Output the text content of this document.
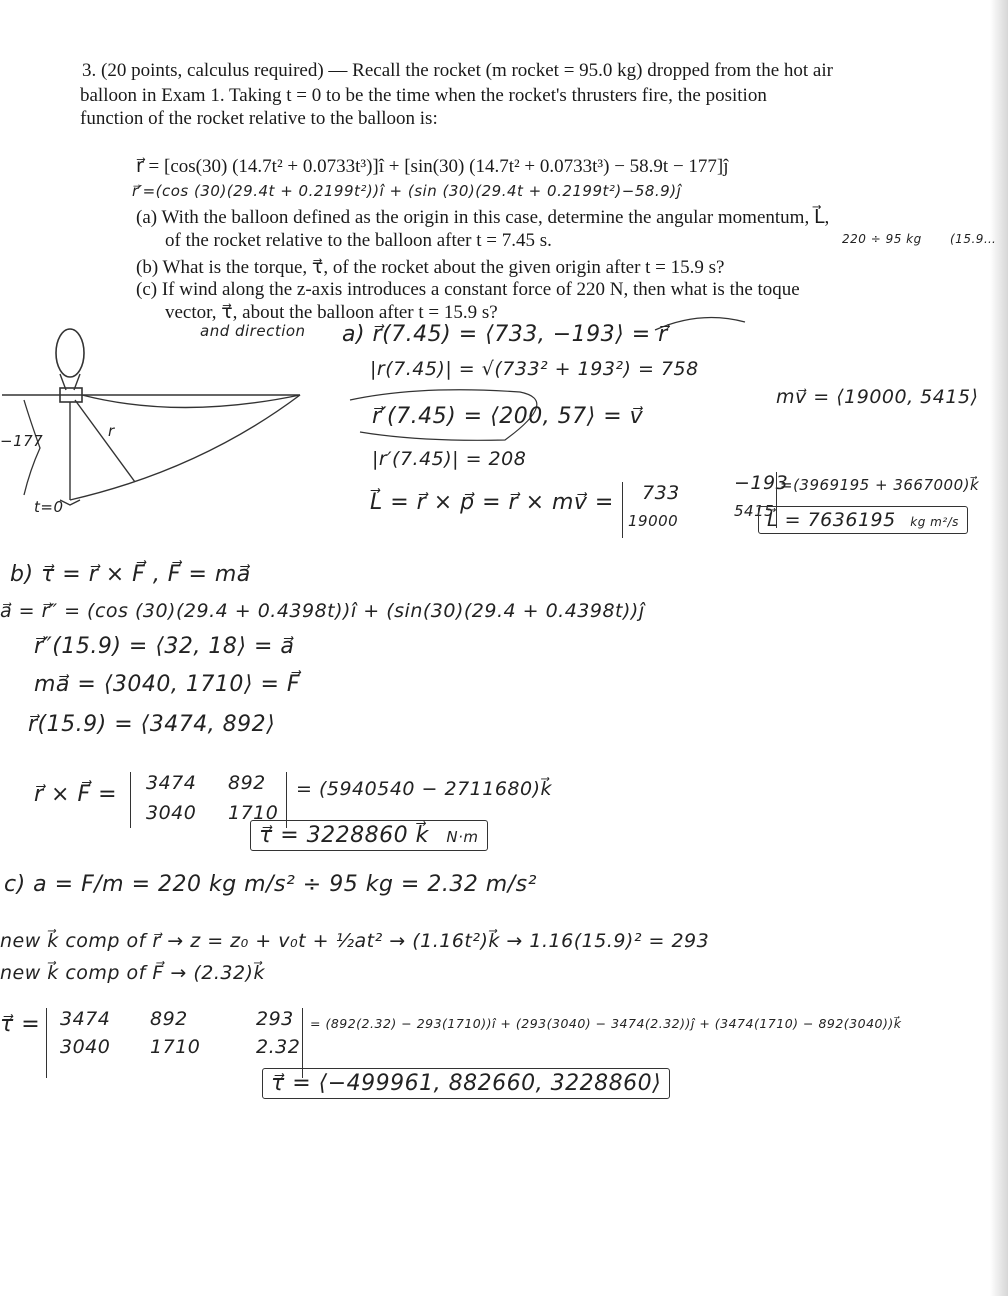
3. (20 points, calculus required) — Recall the rocket (m rocket = 95.0 kg) dropped from the hot air
balloon in Exam 1. Taking t = 0 to be the time when the rocket's thrusters fire, the position
function of the rocket relative to the balloon is:
r⃗ = [cos(30) (14.7t² + 0.0733t³)]î + [sin(30) (14.7t² + 0.0733t³) − 58.9t − 177]ĵ
r⃗′=(cos (30)(29.4t + 0.2199t²))î + (sin (30)(29.4t + 0.2199t²)−58.9)ĵ
(a) With the balloon defined as the origin in this case, determine the angular momentum, L⃗,
of the rocket relative to the balloon after t = 7.45 s.
(b) What is the torque, τ⃗, of the rocket about the given origin after t = 15.9 s?
(c) If wind along the z-axis introduces a constant force of 220 N, then what is the toque
vector, τ⃗, about the balloon after t = 15.9 s?
220 ÷ 95 kg (15.9…
and direction
r
−177
t=0
a) r⃗(7.45) = ⟨733, −193⟩ = r⃗
|r(7.45)| = √(733² + 193²) = 758
r⃗′(7.45) = ⟨200, 57⟩ = v⃗
|r′(7.45)| = 208
mv⃗ = ⟨19000, 5415⟩
L⃗ = r⃗ × p⃗ = r⃗ × mv⃗ = 733
19000
−193
5415
=(3969195 + 3667000)k⃗
L⃗ = 7636195 kg m²/s
b) τ⃗ = r⃗ × F⃗ , F⃗ = ma⃗
a⃗ = r⃗″ = (cos (30)(29.4 + 0.4398t))î + (sin(30)(29.4 + 0.4398t))ĵ
r⃗″(15.9) = ⟨32, 18⟩ = a⃗
ma⃗ = ⟨3040, 1710⟩ = F⃗
r⃗(15.9) = ⟨3474, 892⟩
r⃗ × F⃗ = 3474
3040
892
1710
= (5940540 − 2711680)k⃗
τ⃗ = 3228860 k⃗ N·m
c) a = F/m = 220 kg m/s² ÷ 95 kg = 2.32 m/s²
new k⃗ comp of r⃗ → z = z₀ + v₀t + ½at² → (1.16t²)k⃗ → 1.16(15.9)² = 293
new k⃗ comp of F⃗ → (2.32)k⃗
τ⃗ = 3474 892	293
3040 1710	2.32
= (892(2.32) − 293(1710))î + (293(3040) − 3474(2.32))ĵ + (3474(1710) − 892(3040))k⃗
τ⃗ = ⟨−499961, 882660, 3228860⟩
